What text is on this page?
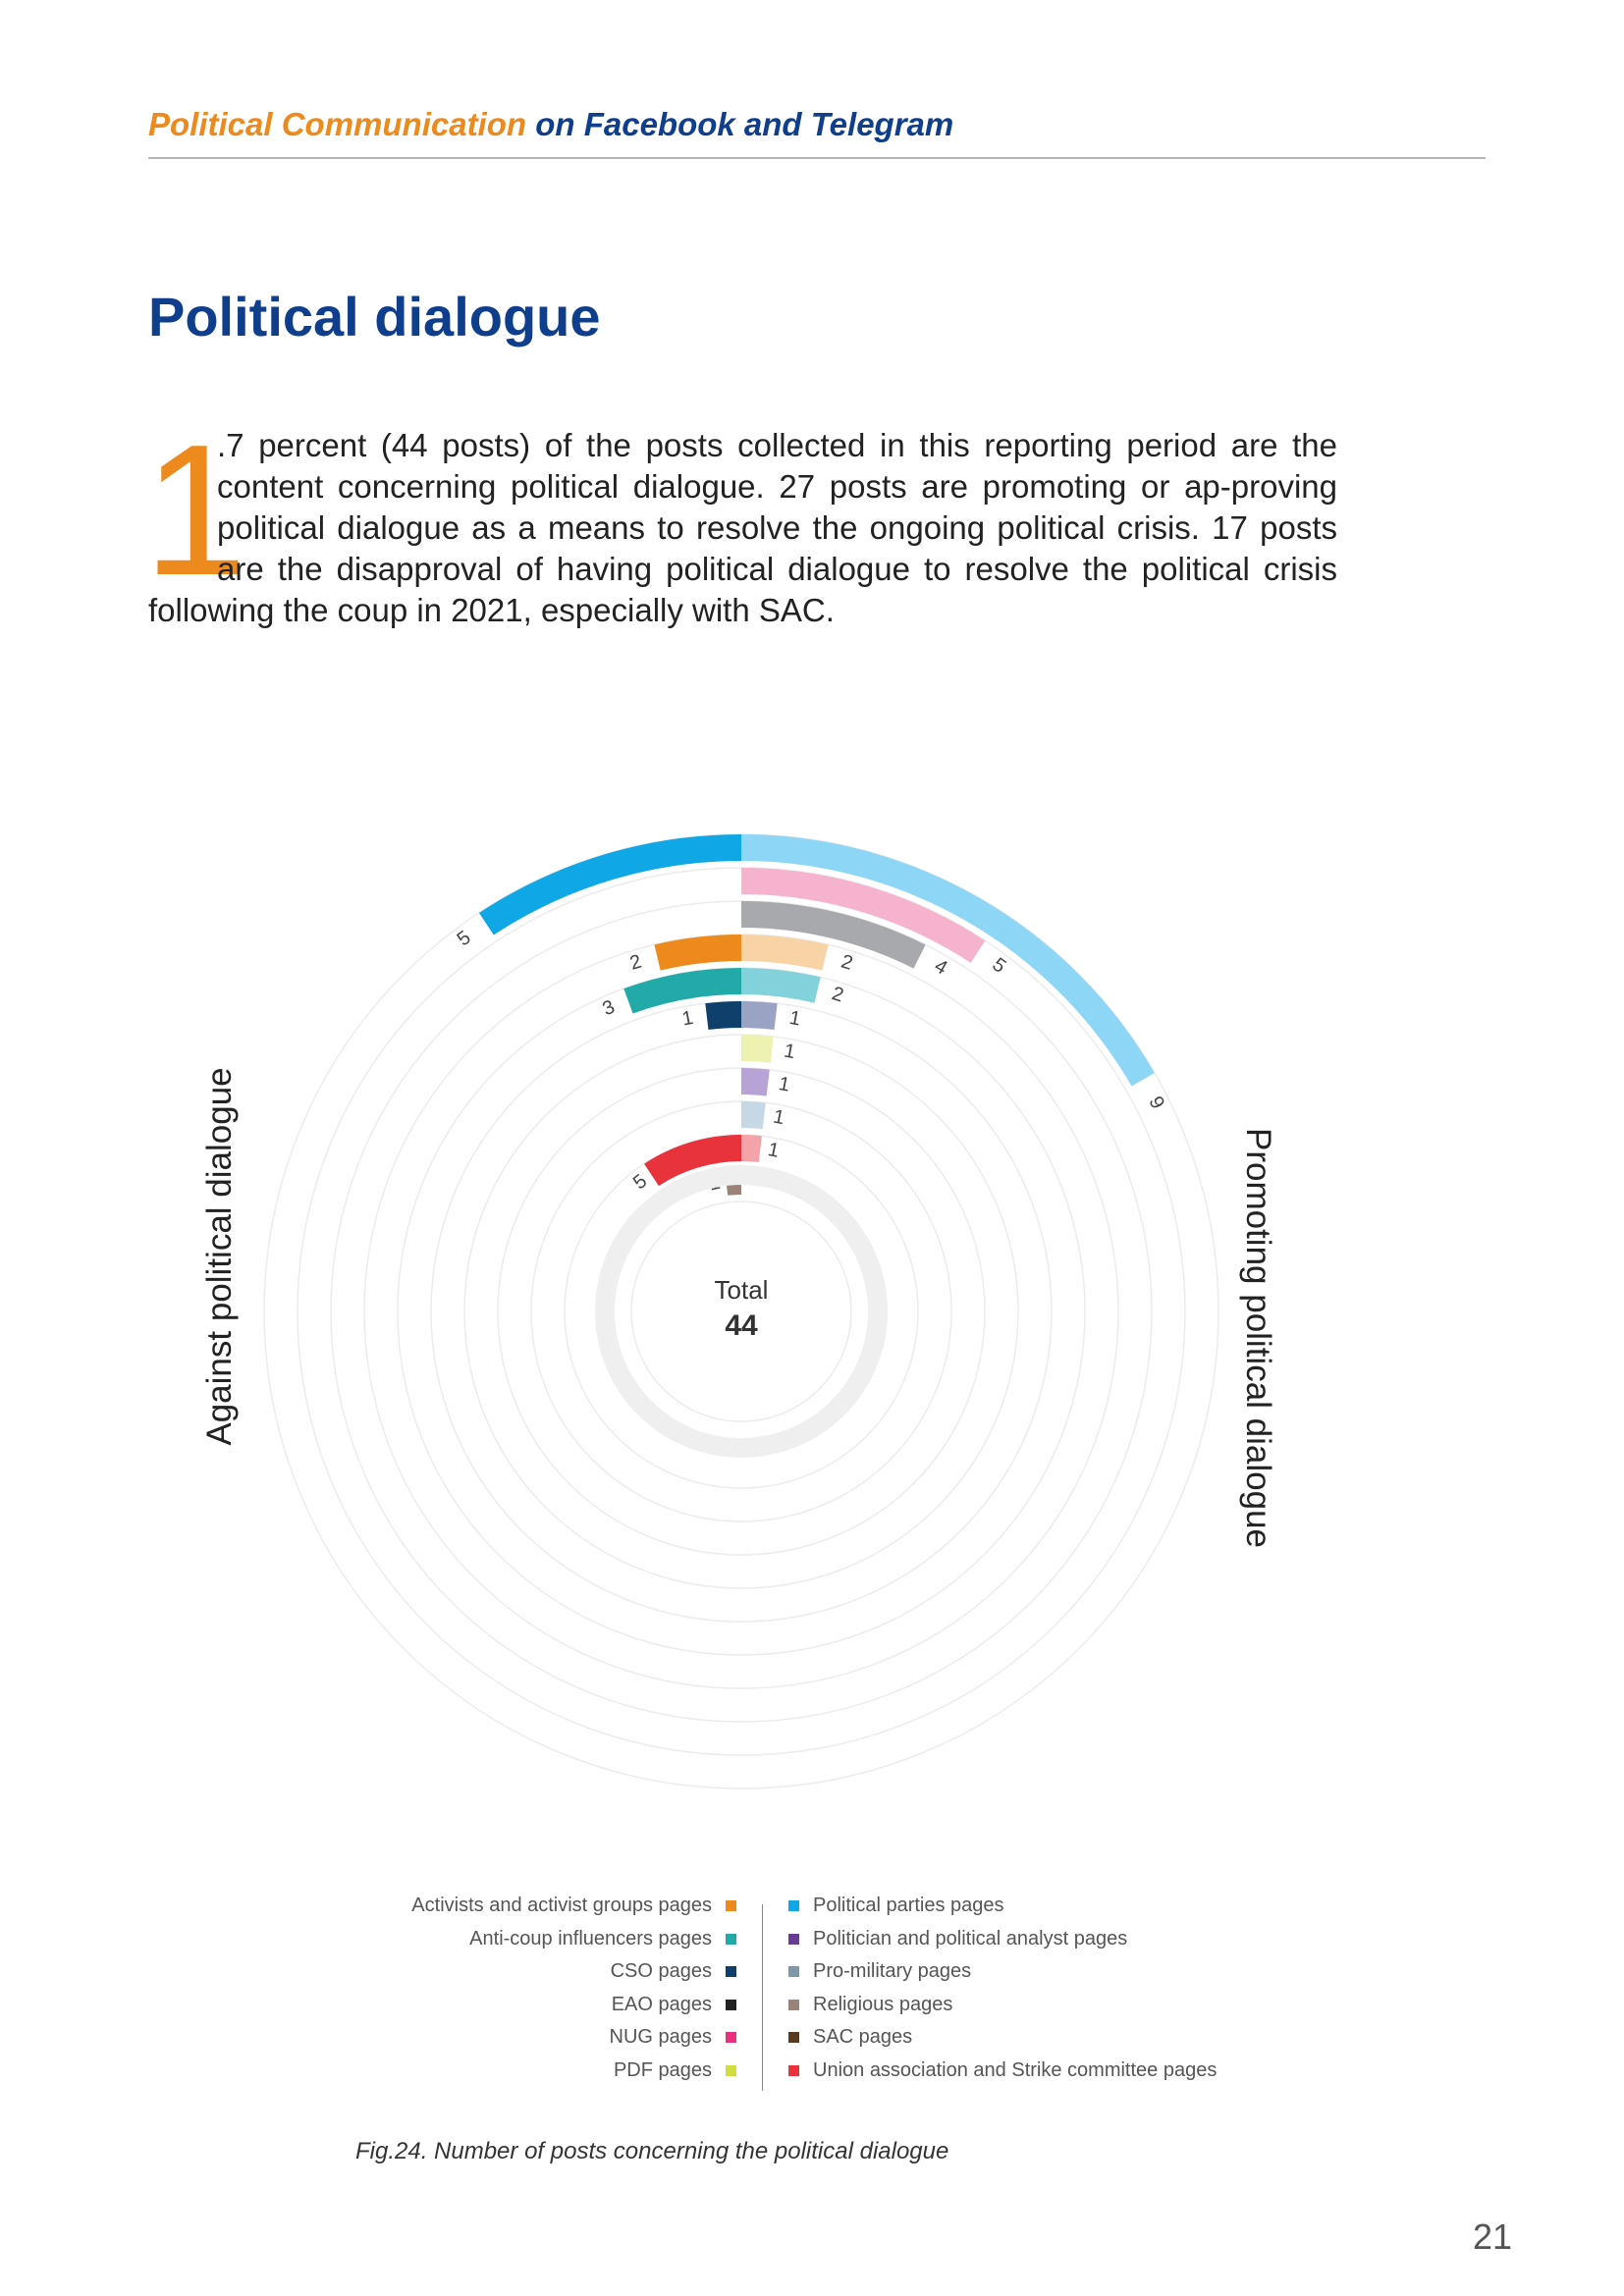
Political Communication on Facebook and Telegram
Political dialogue
1
.7 percent (44 posts) of the posts collected in this reporting period are the content concerning political dialogue. 27 posts are promoting or ap-proving political dialogue as a means to resolve the ongoing political crisis. 17 posts are the disapproval of having political dialogue to resolve the political crisis following the coup in 2021, especially with SAC.
9
5
5
4
2
2
2
3	1
1
1
1
1
1
5	1
Total
44
Against political dialogue	Promoting political dialogue
Activists and activist groups pages
Anti-coup influencers pages
CSO pages
EAO pages
NUG pages
PDF pages
Political parties pages
Politician and political analyst pages
Pro-military pages
Religious pages
SAC pages
Union association and Strike committee pages
Fig.24. Number of posts concerning the political dialogue
21
